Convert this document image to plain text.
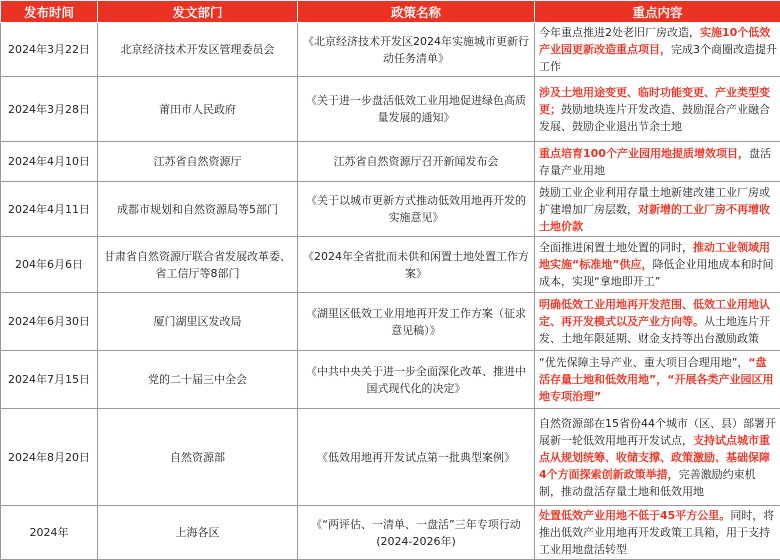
发布时间	发文部门	政策名称	重点内容
2024年3月22日	北京经济技术开发区管理委员会	《北京经济技术开发区2024年实施城市更新行动任务清单》	今年重点推进2处老旧厂房改造，实施10个低效产业园更新改造重点项目，完成3个商圈改造提升工作
2024年3月28日	莆田市人民政府	《关于进一步盘活低效工业用地促进绿色高质量发展的通知》	涉及土地用途变更、临时功能变更、产业类型变更；鼓励地块连片开发改造、鼓励混合产业融合发展、鼓励企业退出节余土地
2024年4月10日	江苏省自然资源厅	江苏省自然资源厅召开新闻发布会	重点培育100个产业园用地提质增效项目，盘活存量产业用地
2024年4月11日	成都市规划和自然资源局等5部门	《关于以城市更新方式推动低效用地再开发的实施意见》	鼓励工业企业利用存量土地新建改建工业厂房或扩建增加厂房层数，对新增的工业厂房不再增收土地价款
204年6月6日	甘肃省自然资源厅联合省发展改革委、省工信厅等8部门	《2024年全省批而未供和闲置土地处置工作方案》	全面推进闲置土地处置的同时，推动工业领域用地实施“标准地”供应，降低企业用地成本和时间成本，实现“拿地即开工”
2024年6月30日	厦门湖里区发改局	《湖里区低效工业用地再开发工作方案（征求意见稿）》	明确低效工业用地再开发范围、低效工业用地认定、再开发模式以及产业方向等。从土地连片开发、土地年限延期、财金支持等出台激励政策
2024年7月15日	党的二十届三中全会	《中共中央关于进一步全面深化改革、推进中国式现代化的决定》	“优先保障主导产业、重大项目合理用地”，“盘活存量土地和低效用地”，“开展各类产业园区用地专项治理”
2024年8月20日	自然资源部	《低效用地再开发试点第一批典型案例》	自然资源部在15省份44个城市（区、县）部署开展新一轮低效用地再开发试点，支持试点城市重点从规划统筹、收储支撑、政策激励、基础保障4个方面探索创新政策举措，完善激励约束机制，推动盘活存量土地和低效用地
2024年	上海各区	《“两评估、一清单、一盘活”三年专项行动(2024-2026年)	处置低效产业用地不低于45平方公里。同时，将推出低效产业用地再开发政策工具箱，用于支持工业用地盘活转型
